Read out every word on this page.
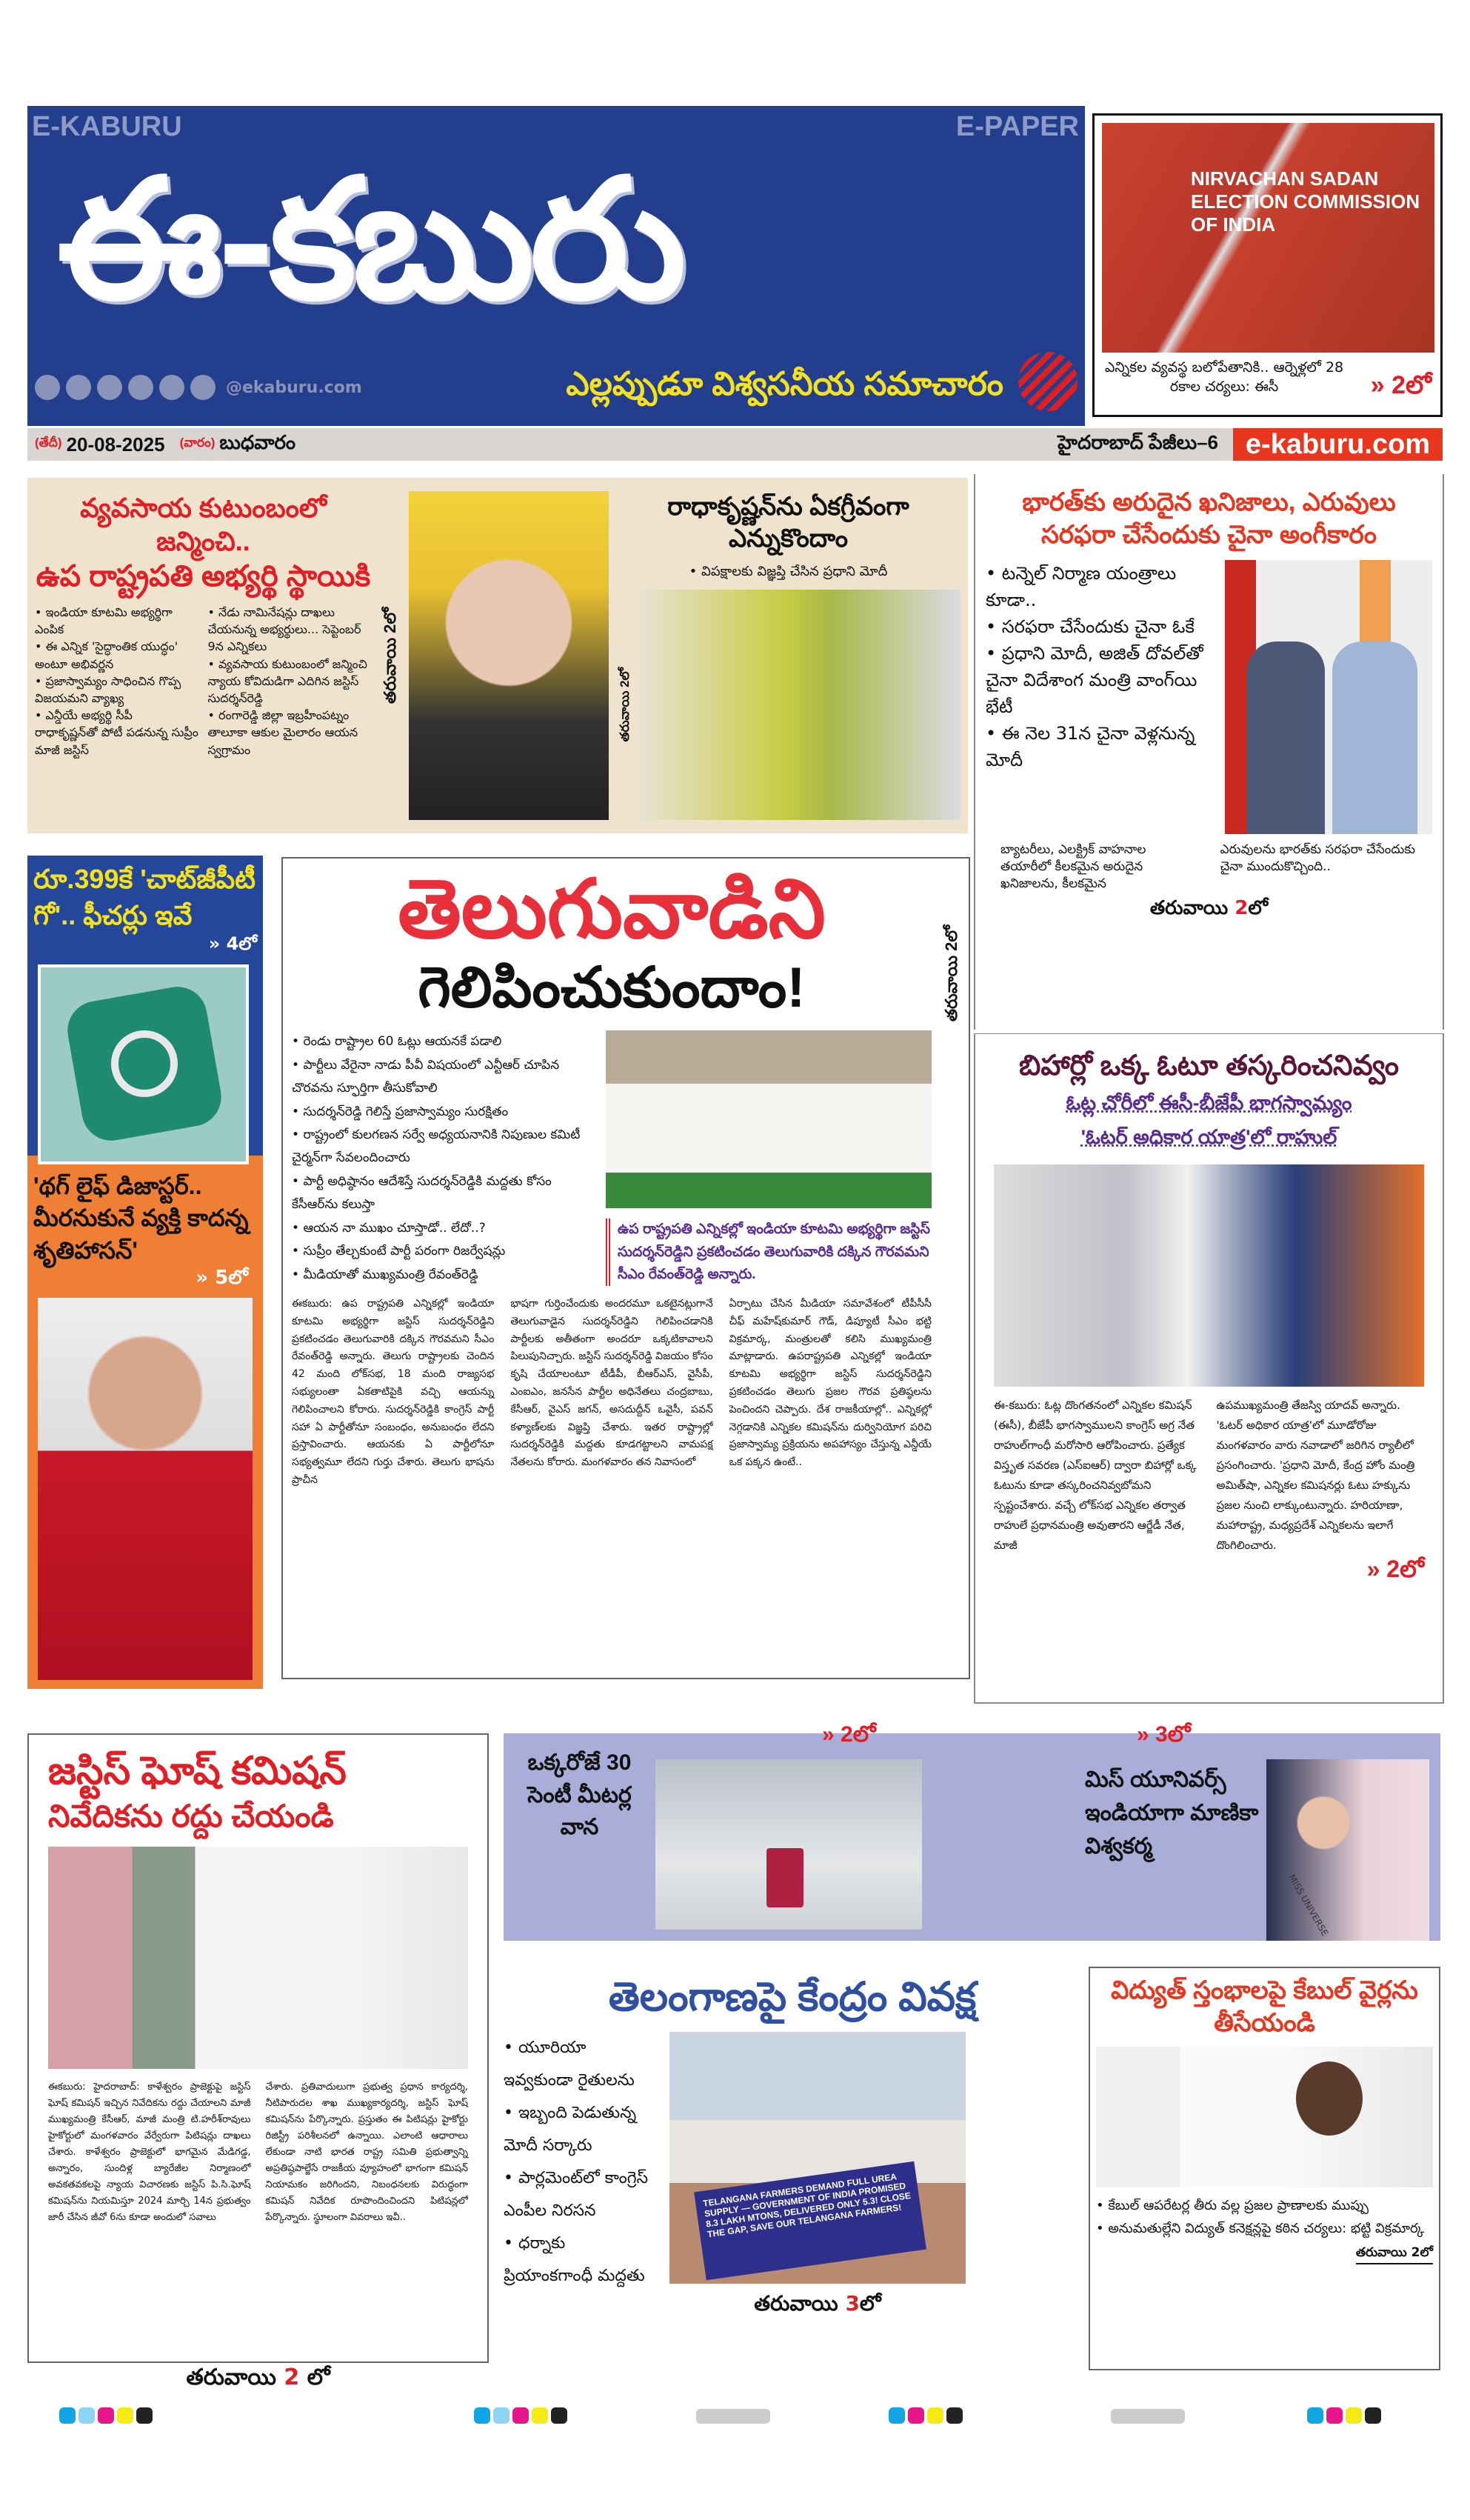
E-KABURU	E-PAPER
ఈ-కబురు
@ekaburu.com	ఎల్లప్పుడూ విశ్వసనీయ సమాచారం
NIRVACHAN SADAN ELECTION COMMISSION OF INDIA
ఎన్నికల వ్యవస్థ బలోపేతానికి.. ఆర్నెళ్లలో 28 రకాల చర్యలు: ఈసీ	» 2లో
(తేదీ) 20-08-2025 (వారం) బుధవారం	హైదరాబాద్ పేజీలు–6 e-kaburu.com
వ్యవసాయ కుటుంబంలో జన్మించి..
ఉప రాష్ట్రపతి అభ్యర్థి స్థాయికి
• ఇండియా కూటమి అభ్యర్థిగా ఎంపిక
• ఈ ఎన్నిక 'సైద్ధాంతిక యుద్ధం' అంటూ అభివర్ణన
• ప్రజాస్వామ్యం సాధించిన గొప్ప విజయమని వ్యాఖ్య
• ఎన్డీయే అభ్యర్థి సీపీ రాధాకృష్ణన్‌తో పోటీ పడనున్న సుప్రీం మాజీ జస్టిస్
• నేడు నామినేషన్లు దాఖలు చేయనున్న అభ్యర్థులు... సెప్టెంబర్ 9న ఎన్నికలు
• వ్యవసాయ కుటుంబంలో జన్మించి న్యాయ కోవిదుడిగా ఎదిగిన జస్టిస్ సుదర్శన్‌రెడ్డి
• రంగారెడ్డి జిల్లా ఇబ్రహీంపట్నం తాలూకా ఆకుల మైలారం ఆయన స్వగ్రామం
తరువాయి 2లో
రాధాకృష్ణన్‌ను ఏకగ్రీవంగా ఎన్నుకొందాం
• విపక్షాలకు విజ్ఞప్తి చేసిన ప్రధాని మోదీ
తరువాయి 2లో
భారత్‌కు అరుదైన ఖనిజాలు, ఎరువులు సరఫరా చేసేందుకు చైనా అంగీకారం
• టన్నెల్ నిర్మాణ యంత్రాలు కూడా..
• సరఫరా చేసేందుకు చైనా ఓకే
• ప్రధాని మోదీ, అజిత్ దోవల్‌తో చైనా విదేశాంగ మంత్రి వాంగ్‌యి భేటీ
• ఈ నెల 31న చైనా వెళ్లనున్న మోదీ
బ్యాటరీలు, ఎలక్ట్రిక్ వాహనాల తయారీలో కీలకమైన అరుదైన ఖనిజాలను, కీలకమైన
ఎరువులను భారత్‌కు సరఫరా చేసేందుకు చైనా ముందుకొచ్చింది..
తరువాయి 2లో
రూ.399కే 'చాట్‌జీపీటీ గో'.. ఫీచర్లు ఇవే
» 4లో
'థగ్ లైఫ్ డిజాస్టర్.. మీరనుకునే వ్యక్తి కాదన్న శృతిహాసన్'
» 5లో
తెలుగువాడిని
గెలిపించుకుందాం!
• రెండు రాష్ట్రాల 60 ఓట్లు ఆయనకే పడాలి
• పార్టీలు వేరైనా నాడు పీవీ విషయంలో ఎన్టీఆర్ చూపిన చొరవను స్ఫూర్తిగా తీసుకోవాలి
• సుదర్శన్‌రెడ్డి గెలిస్తే ప్రజాస్వామ్యం సురక్షితం
• రాష్ట్రంలో కులగణన సర్వే అధ్యయనానికి నిపుణుల కమిటీ చైర్మన్‌గా సేవలందించారు
• పార్టీ అధిష్ఠానం ఆదేశిస్తే సుదర్శన్‌రెడ్డికి మద్దతు కోసం కేసీఆర్‌ను కలుస్తా
• ఆయన నా ముఖం చూస్తాడో.. లేదో..?
• సుప్రీం తేల్చకుంటే పార్టీ పరంగా రిజర్వేషన్లు
• మీడియాతో ముఖ్యమంత్రి రేవంత్‌రెడ్డి
ఉప రాష్ట్రపతి ఎన్నికల్లో ఇండియా కూటమి అభ్యర్థిగా జస్టిస్ సుదర్శన్‌రెడ్డిని ప్రకటించడం తెలుగువారికి దక్కిన గౌరవమని సీఎం రేవంత్‌రెడ్డి అన్నారు.
ఈకబురు: ఉప రాష్ట్రపతి ఎన్నికల్లో ఇండియా కూటమి అభ్యర్థిగా జస్టిస్ సుదర్శన్‌రెడ్డిని ప్రకటించడం తెలుగువారికి దక్కిన గౌరవమని సీఎం రేవంత్‌రెడ్డి అన్నారు. తెలుగు రాష్ట్రాలకు చెందిన 42 మంది లోక్‌సభ, 18 మంది రాజ్యసభ సభ్యులంతా ఏకతాటిపైకి వచ్చి ఆయన్ను గెలిపించాలని కోరారు. సుదర్శన్‌రెడ్డికి కాంగ్రెస్ పార్టీ సహా ఏ పార్టీతోనూ సంబంధం, అనుబంధం లేదని ప్రస్తావించారు. ఆయనకు ఏ పార్టీలోనూ సభ్యత్వమూ లేదని గుర్తు చేశారు. తెలుగు భాషను ప్రాచీన
భాషగా గుర్తించేందుకు అందరమూ ఒకటైనట్లుగానే తెలుగువాడైన సుదర్శన్‌రెడ్డిని గెలిపించడానికి పార్టీలకు అతీతంగా అందరూ ఒక్కటికావాలని పిలుపునిచ్చారు. జస్టిస్ సుదర్శన్‌రెడ్డి విజయం కోసం కృషి చేయాలంటూ టీడీపీ, బీఆర్ఎస్, వైసీపీ, ఎంఐఎం, జనసేన పార్టీల అధినేతలు చంద్రబాబు, కేసీఆర్, వైఎస్ జగన్, అసదుద్దీన్ ఒవైసీ, పవన్ కళ్యాణ్‌లకు విజ్ఞప్తి చేశారు. ఇతర రాష్ట్రాల్లో సుదర్శన్‌రెడ్డికి మద్దతు కూడగట్టాలని వామపక్ష నేతలను కోరారు. మంగళవారం తన నివాసంలో
ఏర్పాటు చేసిన మీడియా సమావేశంలో టీపీసీసీ చీఫ్ మహేష్‌కుమార్ గౌడ్, డిప్యూటీ సీఎం భట్టి విక్రమార్క, మంత్రులతో కలిసి ముఖ్యమంత్రి మాట్లాడారు. ఉపరాష్ట్రపతి ఎన్నికల్లో ఇండియా కూటమి అభ్యర్థిగా జస్టిస్ సుదర్శన్‌రెడ్డిని ప్రకటించడం తెలుగు ప్రజల గౌరవ ప్రతిష్ఠలను పెంచిందని చెప్పారు. దేశ రాజకీయాల్లో.. ఎన్నికల్లో నెగ్గడానికి ఎన్నికల కమిషన్‌ను దుర్వినియోగ పరిచి ప్రజాస్వామ్య ప్రక్రియను అపహాస్యం చేస్తున్న ఎన్డీయే ఒక పక్కన ఉంటే..
తరువాయి 2లో
బిహార్లో ఒక్క ఓటూ తస్కరించనివ్వం
ఓట్ల చోరీలో ఈసీ-బీజేపీ భాగస్వామ్యం
'ఓటర్ అధికార యాత్ర'లో రాహుల్
ఈ-కబురు: ఓట్ల దొంగతనంలో ఎన్నికల కమిషన్ (ఈసీ), బీజేపీ భాగస్వాములని కాంగ్రెస్ అగ్ర నేత రాహుల్‌గాంధీ మరోసారి ఆరోపించారు. ప్రత్యేక విస్తృత సవరణ (ఎస్ఐఆర్) ద్వారా బిహార్లో ఒక్క ఓటును కూడా తస్కరించనివ్వబోమని స్పష్టంచేశారు. వచ్చే లోక్‌సభ ఎన్నికల తర్వాత రాహులే ప్రధానమంత్రి అవుతారని ఆర్జేడీ నేత, మాజీ
ఉపముఖ్యమంత్రి తేజస్వి యాదవ్ అన్నారు. 'ఓటర్ అధికార యాత్ర'లో మూడోరోజు మంగళవారం వారు నవాడాలో జరిగిన ర్యాలీలో ప్రసంగించారు. 'ప్రధాని మోదీ, కేంద్ర హోం మంత్రి అమిత్‌షా, ఎన్నికల కమిషనర్లు ఓటు హక్కును ప్రజల నుంచి లాక్కుంటున్నారు. హరియాణా, మహారాష్ట్ర, మధ్యప్రదేశ్ ఎన్నికలను ఇలాగే దొంగిలించారు.
» 2లో
జస్టిస్ ఘోష్ కమిషన్
నివేదికను రద్దు చేయండి
ఈకబురు: హైదరాబాద్: కాళేశ్వరం ప్రాజెక్టుపై జస్టిస్ ఘోష్ కమిషన్ ఇచ్చిన నివేదికను రద్దు చేయాలని మాజీ ముఖ్యమంత్రి కేసీఆర్, మాజీ మంత్రి టి.హరీశ్‌రావులు హైకోర్టులో మంగళవారం వేర్వేరుగా పిటిషన్లు దాఖలు చేశారు. కాళేశ్వరం ప్రాజెక్టులో భాగమైన మేడిగడ్డ, అన్నారం, సుందిళ్ల బ్యారేజీల నిర్మాణంలో అవకతవకలపై న్యాయ విచారణకు జస్టిస్ పి.సి.ఘోష్ కమిషన్‌ను నియమిస్తూ 2024 మార్చి 14న ప్రభుత్వం జారీ చేసిన జీవో 6ను కూడా అందులో సవాలు
చేశారు. ప్రతివాదులుగా ప్రభుత్వ ప్రధాన కార్యదర్శి, నీటిపారుదల శాఖ ముఖ్యకార్యదర్శి, జస్టిస్ ఘోష్ కమిషన్‌ను పేర్కొన్నారు. ప్రస్తుతం ఈ పిటిషన్లు హైకోర్టు రిజిస్ట్రీ పరిశీలనలో ఉన్నాయి. ఎలాంటి ఆధారాలు లేకుండా నాటి భారత రాష్ట్ర సమితి ప్రభుత్వాన్ని అప్రతిష్ఠపాల్జేసే రాజకీయ వ్యూహంలో భాగంగా కమిషన్ నియామకం జరిగిందని, నిబంధనలకు విరుద్ధంగా కమిషన్ నివేదిక రూపొందించిందని పిటిషన్లలో పేర్కొన్నారు. స్థూలంగా వివరాలు ఇవీ..
తరువాయి 2 లో
ఒక్కరోజే 30 సెంటీ మీటర్ల వాన
» 2లో	» 3లో
మిస్ యూనివర్స్ ఇండియాగా మాణికా విశ్వకర్మ
MISS UNIVERSE
తెలంగాణపై కేంద్రం వివక్ష
• యూరియా ఇవ్వకుండా రైతులను
• ఇబ్బంది పెడుతున్న మోదీ సర్కారు
• పార్లమెంట్‌లో కాంగ్రెస్ ఎంపీల నిరసన
• ధర్నాకు ప్రియాంకగాంధీ మద్దతు
TELANGANA FARMERS DEMAND FULL UREA SUPPLY — GOVERNMENT OF INDIA PROMISED 8.3 LAKH MTONS, DELIVERED ONLY 5.3! CLOSE THE GAP, SAVE OUR TELANGANA FARMERS!
తరువాయి 3లో
విద్యుత్ స్తంభాలపై కేబుల్ వైర్లను తీసేయండి
• కేబుల్ ఆపరేటర్ల తీరు వల్ల ప్రజల ప్రాణాలకు ముప్పు
• అనుమతుల్లేని విద్యుత్ కనెక్షన్లపై కఠిన చర్యలు: భట్టి విక్రమార్క
తరువాయి 2లో
